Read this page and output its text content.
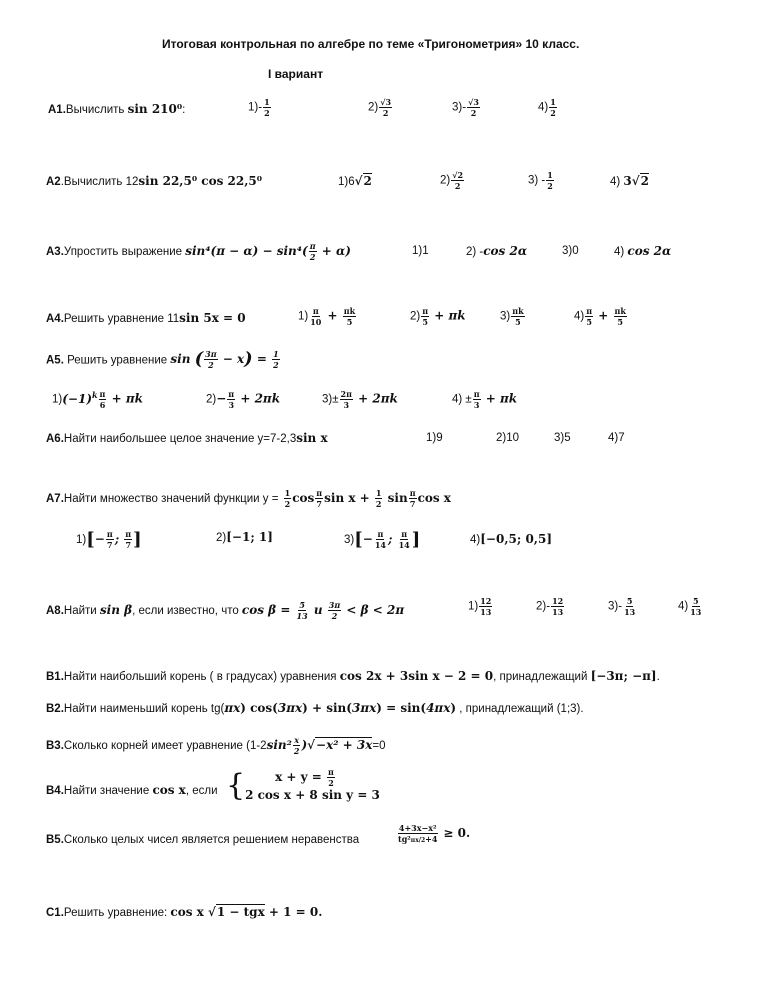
Итоговая контрольная по алгебре по теме «Тригонометрия» 10 класс.
I вариант
A1.Вычислить sin 210⁰:	$1)- \frac{1}{2}$	$2) \frac{√3}{2}$	$3)- \frac{√3}{2}$	$4) \frac{1}{2}$
A2.Вычислить 12sin 22,5⁰ cos 22,5⁰	1)6√2	$2) \frac{√2}{2}$	$3) - \frac{1}{2}$	4) 3√2
A3.Упростить выражение $\sin^4(\pi - \alpha) - \sin^4( \frac{\pi}{2} + \alpha)$	1)1	2) -cos 2α	3)0	4) cos 2α
A4.Решить уравнение 11sin 5x = 0	$1) \frac{\pi}{10} + \frac{\pi k}{5}$	$2) \frac{\pi}{5} + \pi k$	$3) \frac{\pi k}{5}$	$4) \frac{\pi}{5} + \frac{\pi k}{5}$
A5. Решить уравнение sin ( $\frac{3\pi}{2} - x) = \frac{1}{2}$
$1)(-1)^k \frac{\pi}{6} + \pi k$	$2)- \frac{\pi}{3} + 2\pi k$	$3)\pm \frac{2\pi}{3} + 2\pi k$	$4) \pm \frac{\pi}{3} + \pi k$
A6.Найти наибольшее целое значение y=7-2,3sin x	1)9	2)10	3)5	4)7
A7.Найти множество значений функции $y = \frac{1}{2}$ $\cos \frac{\pi}{7}$ $\sin x + \frac{1}{2}$ $\sin \frac{\pi}{7}$ cos x
$1)[- \frac{\pi}{7}$ ; $\frac{\pi}{7}$ ]	2)[−1; 1]	$3)[- \frac{\pi}{14}$ ; $\frac{\pi}{14}$ ]	4)[−0,5; 0,5]
A8.Найти sin β, если известно, что $\cos \beta = \frac{5}{13}$ и $\frac{3\pi}{2} < \beta < 2\pi$	$1) \frac{12}{13}$	$2)- \frac{12}{13}$	$3)- \frac{5}{13}$	$4) \frac{5}{13}$
B1.Найти наибольший корень ( в градусах) уравнения cos 2x + 3sin x − 2 = 0, принадлежащий [−3π; −π].
B2.Найти наименьший корень tg(πx) cos(3πx) + sin(3πx) = sin(4πx) , принадлежащий (1;3).
B3.Сколько корней имеет уравнение $(1-2\sin^2 \frac{x}{2} )√-x^2 + 3x=0$
B4.Найти значение cos x, если {	$x + y = \frac{\pi}{2}$
2 cos x + 8 sin y = 3
B5.Сколько целых чисел является решением неравенства	$\frac{\text{4+3x−x²}}{\text{tg²πx/2+4}} \ge 0$.
C1.Решить уравнение: cos x √1 − tgx + 1 = 0.
